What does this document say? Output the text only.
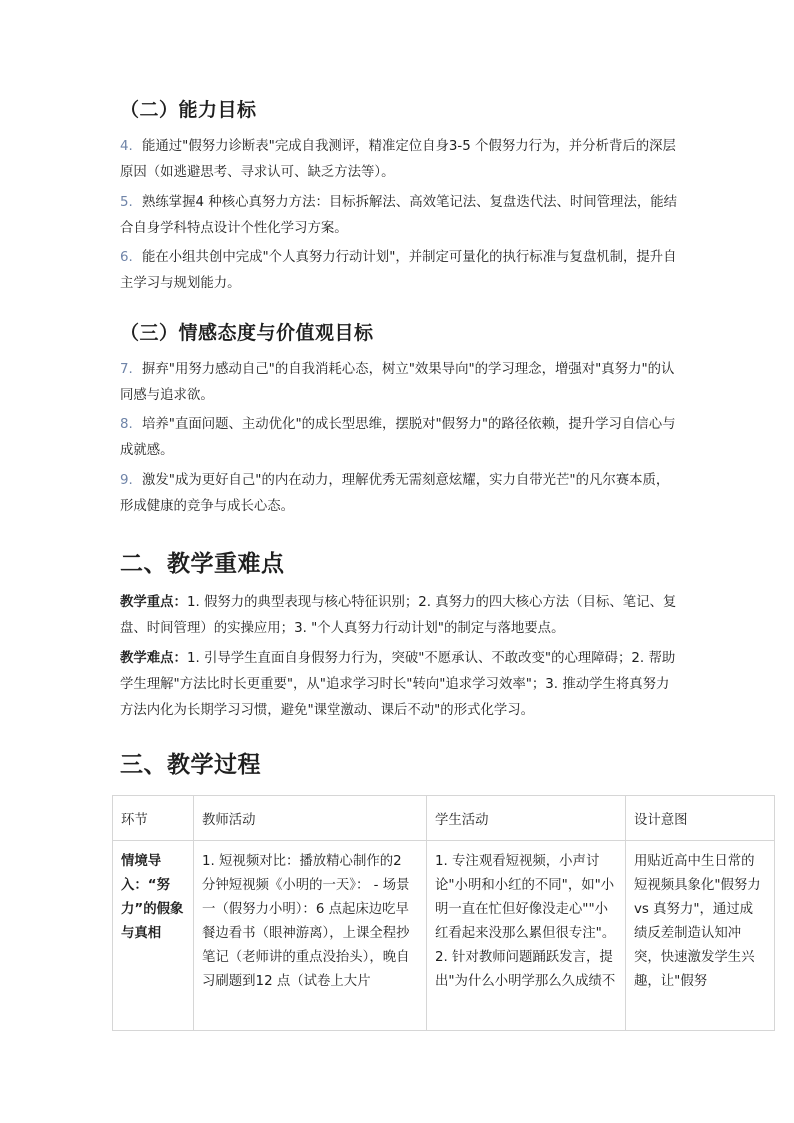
（二）能力目标
4. 能通过"假努力诊断表"完成自我测评，精准定位自身3-5 个假努力行为，并分析背后的深层原因（如逃避思考、寻求认可、缺乏方法等）。
5. 熟练掌握4 种核心真努力方法：目标拆解法、高效笔记法、复盘迭代法、时间管理法，能结合自身学科特点设计个性化学习方案。
6. 能在小组共创中完成"个人真努力行动计划"，并制定可量化的执行标准与复盘机制，提升自主学习与规划能力。
（三）情感态度与价值观目标
7. 摒弃"用努力感动自己"的自我消耗心态，树立"效果导向"的学习理念，增强对"真努力"的认同感与追求欲。
8. 培养"直面问题、主动优化"的成长型思维，摆脱对"假努力"的路径依赖，提升学习自信心与成就感。
9. 激发"成为更好自己"的内在动力，理解优秀无需刻意炫耀，实力自带光芒"的凡尔赛本质，形成健康的竞争与成长心态。
二、教学重难点
教学重点：1. 假努力的典型表现与核心特征识别；2. 真努力的四大核心方法（目标、笔记、复盘、时间管理）的实操应用；3. "个人真努力行动计划"的制定与落地要点。
教学难点：1. 引导学生直面自身假努力行为，突破"不愿承认、不敢改变"的心理障碍；2. 帮助学生理解"方法比时长更重要"，从"追求学习时长"转向"追求学习效率"；3. 推动学生将真努力方法内化为长期学习习惯，避免"课堂激动、课后不动"的形式化学习。
三、教学过程
环节	教师活动	学生活动	设计意图

情境导入：“努力”的假象与真相	1. 短视频对比：播放精心制作的2 分钟短视频《小明的一天》： - 场景一（假努力小明）：6 点起床边吃早餐边看书（眼神游离），上课全程抄笔记（老师讲的重点没抬头），晚自习刷题到12 点（试卷上大片	1. 专注观看短视频，小声讨论"小明和小红的不同"，如"小明一直在忙但好像没走心""小红看起来没那么累但很专注"。2. 针对教师问题踊跃发言，提出"为什么小明学那么久成绩不	用贴近高中生日常的短视频具象化"假努力vs 真努力"，通过成绩反差制造认知冲突，快速激发学生兴趣，让"假努
